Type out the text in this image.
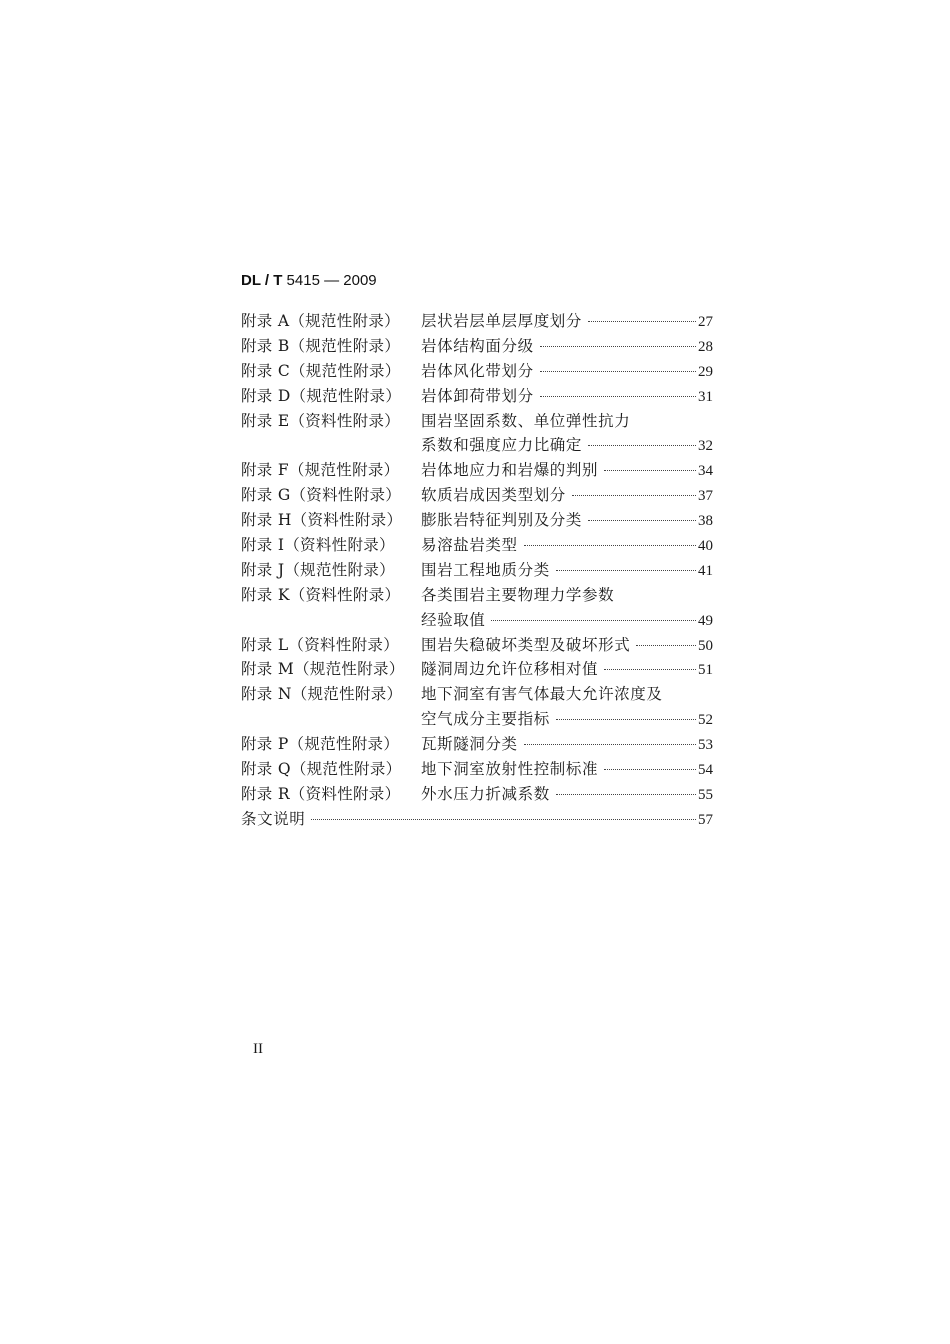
DL / T 5415 — 2009
附录 A（规范性附录） 层状岩层单层厚度划分	27
附录 B（规范性附录） 岩体结构面分级	28
附录 C（规范性附录） 岩体风化带划分	29
附录 D（规范性附录） 岩体卸荷带划分	31
附录 E（资料性附录） 围岩坚固系数、单位弹性抗力
系数和强度应力比确定	32
附录 F（规范性附录） 岩体地应力和岩爆的判别	34
附录 G（资料性附录） 软质岩成因类型划分	37
附录 H（资料性附录） 膨胀岩特征判别及分类	38
附录 I（资料性附录） 易溶盐岩类型	40
附录 J（规范性附录） 围岩工程地质分类	41
附录 K（资料性附录） 各类围岩主要物理力学参数
经验取值	49
附录 L（资料性附录） 围岩失稳破坏类型及破坏形式	50
附录 M（规范性附录） 隧洞周边允许位移相对值	51
附录 N（规范性附录） 地下洞室有害气体最大允许浓度及
空气成分主要指标	52
附录 P（规范性附录） 瓦斯隧洞分类	53
附录 Q（规范性附录） 地下洞室放射性控制标准	54
附录 R（资料性附录） 外水压力折减系数	55
条文说明	57
II
